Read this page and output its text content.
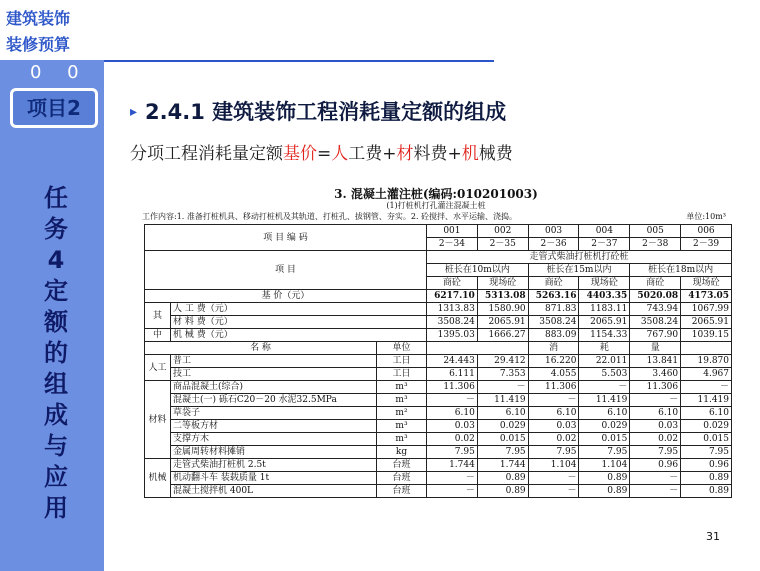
建筑装饰
装修预算
0 0
项目2
任
务
4
定
额
的
组
成
与
应
用
▸ 2.4.1 建筑装饰工程消耗量定额的组成
分项工程消耗量定额基价=人工费+材料费+机械费
3. 混凝土灌注桩(编码:010201003)
(1)打桩机打孔灌注混凝土桩
工作内容:1. 准备打桩机具、移动打桩机及其轨道、打桩孔、拔钢管、夯实。2. 砼搅拌、水平运输、浇捣。	单位:10m³
项 目 编 码			001	002	003	004	005	006
			2－34	2－35	2－36	2－37	2－38	2－39
项 目			走管式柴油打桩机打砼桩					
			桩长在10m以内		桩长在15m以内		桩长在18m以内	
			商砼	现场砼	商砼	现场砼	商砼	现场砼
基 价（元）			6217.10	5313.08	5263.16	4403.35	5020.08	4173.05
其	人 工 费（元）		1313.83	1580.90	871.83	1183.11	743.94	1067.99
	材 料 费（元）		3508.24	2065.91	3508.24	2065.91	3508.24	2065.91
中	机 械 费（元）		1395.03	1666.27	883.09	1154.33	767.90	1039.15
名 称		单位			消	耗	量	
人工	普工	工日	24.443	29.412	16.220	22.011	13.841	19.870
	技工	工日	6.111	7.353	4.055	5.503	3.460	4.967
材料	商品混凝土(综合)	m³	11.306	－	11.306	－	11.306	－
	混凝土(一) 砾石C20－20 水泥32.5MPa	m³	－	11.419	－	11.419	－	11.419
	草袋子	m²	6.10	6.10	6.10	6.10	6.10	6.10
	二等板方材	m³	0.03	0.029	0.03	0.029	0.03	0.029
	支撑方木	m³	0.02	0.015	0.02	0.015	0.02	0.015
	金属周转材料摊销	kg	7.95	7.95	7.95	7.95	7.95	7.95
机械	走管式柴油打桩机 2.5t	台班	1.744	1.744	1.104	1.104	0.96	0.96
	机动翻斗车 装载质量 1t	台班	－	0.89	－	0.89	－	0.89
	混凝土搅拌机 400L	台班	－	0.89	－	0.89	－	0.89
31
